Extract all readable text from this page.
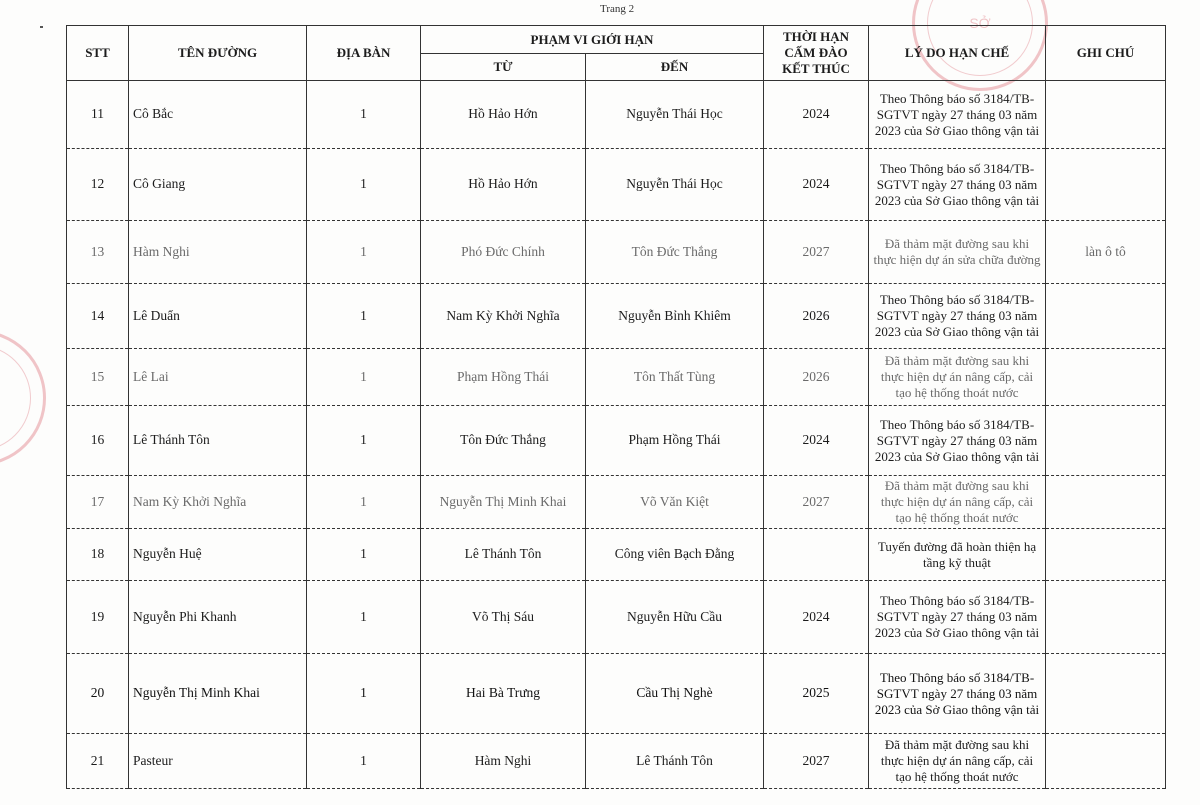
Trang 2
SỞ
STT	TÊN ĐƯỜNG	ĐỊA BÀN	PHẠM VI GIỚI HẠN		THỜI HẠN CẤM ĐÀO KẾT THÚC	LÝ DO HẠN CHẾ	GHI CHÚ
			TỪ	ĐẾN			
11	Cô Bắc	1	Hồ Hảo Hớn	Nguyễn Thái Học	2024	Theo Thông báo số 3184/TB-SGTVT ngày 27 tháng 03 năm 2023 của Sở Giao thông vận tải	
12	Cô Giang	1	Hồ Hảo Hớn	Nguyễn Thái Học	2024	Theo Thông báo số 3184/TB-SGTVT ngày 27 tháng 03 năm 2023 của Sở Giao thông vận tải	
13	Hàm Nghi	1	Phó Đức Chính	Tôn Đức Thắng	2027	Đã thảm mặt đường sau khi thực hiện dự án sửa chữa đường	làn ô tô
14	Lê Duẩn	1	Nam Kỳ Khởi Nghĩa	Nguyễn Bỉnh Khiêm	2026	Theo Thông báo số 3184/TB-SGTVT ngày 27 tháng 03 năm 2023 của Sở Giao thông vận tải	
15	Lê Lai	1	Phạm Hồng Thái	Tôn Thất Tùng	2026	Đã thảm mặt đường sau khi thực hiện dự án nâng cấp, cải tạo hệ thống thoát nước	
16	Lê Thánh Tôn	1	Tôn Đức Thắng	Phạm Hồng Thái	2024	Theo Thông báo số 3184/TB-SGTVT ngày 27 tháng 03 năm 2023 của Sở Giao thông vận tải	
17	Nam Kỳ Khởi Nghĩa	1	Nguyễn Thị Minh Khai	Võ Văn Kiệt	2027	Đã thảm mặt đường sau khi thực hiện dự án nâng cấp, cải tạo hệ thống thoát nước	
18	Nguyễn Huệ	1	Lê Thánh Tôn	Công viên Bạch Đằng		Tuyến đường đã hoàn thiện hạ tầng kỹ thuật	
19	Nguyễn Phi Khanh	1	Võ Thị Sáu	Nguyễn Hữu Cầu	2024	Theo Thông báo số 3184/TB-SGTVT ngày 27 tháng 03 năm 2023 của Sở Giao thông vận tải	
20	Nguyễn Thị Minh Khai	1	Hai Bà Trưng	Cầu Thị Nghè	2025	Theo Thông báo số 3184/TB-SGTVT ngày 27 tháng 03 năm 2023 của Sở Giao thông vận tải	
21	Pasteur	1	Hàm Nghi	Lê Thánh Tôn	2027	Đã thảm mặt đường sau khi thực hiện dự án nâng cấp, cải tạo hệ thống thoát nước	
